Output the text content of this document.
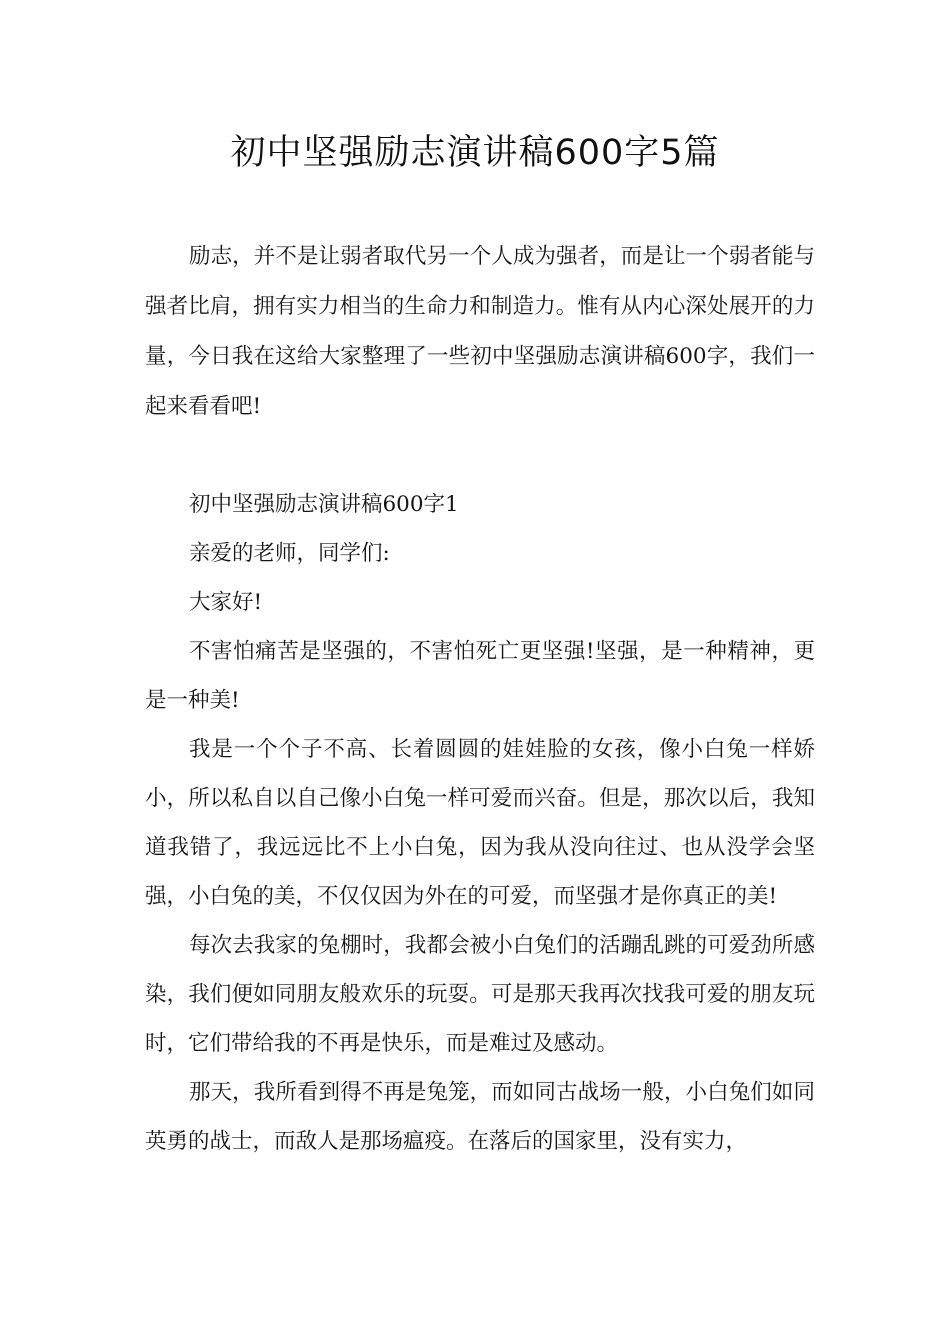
初中坚强励志演讲稿600字5篇

励志，并不是让弱者取代另一个人成为强者，而是让一个弱者能与强者比肩，拥有实力相当的生命力和制造力。惟有从内心深处展开的力量，今日我在这给大家整理了一些初中坚强励志演讲稿600字，我们一起来看看吧!

初中坚强励志演讲稿600字1

亲爱的老师，同学们:

大家好!

不害怕痛苦是坚强的，不害怕死亡更坚强!坚强，是一种精神，更是一种美!

我是一个个子不高、长着圆圆的娃娃脸的女孩，像小白兔一样娇小，所以私自以自己像小白兔一样可爱而兴奋。但是，那次以后，我知道我错了，我远远比不上小白兔，因为我从没向往过、也从没学会坚强，小白兔的美，不仅仅因为外在的可爱，而坚强才是你真正的美!

每次去我家的兔棚时，我都会被小白兔们的活蹦乱跳的可爱劲所感染，我们便如同朋友般欢乐的玩耍。可是那天我再次找我可爱的朋友玩时，它们带给我的不再是快乐，而是难过及感动。

那天，我所看到得不再是兔笼，而如同古战场一般，小白兔们如同英勇的战士，而敌人是那场瘟疫。在落后的国家里，没有实力，
